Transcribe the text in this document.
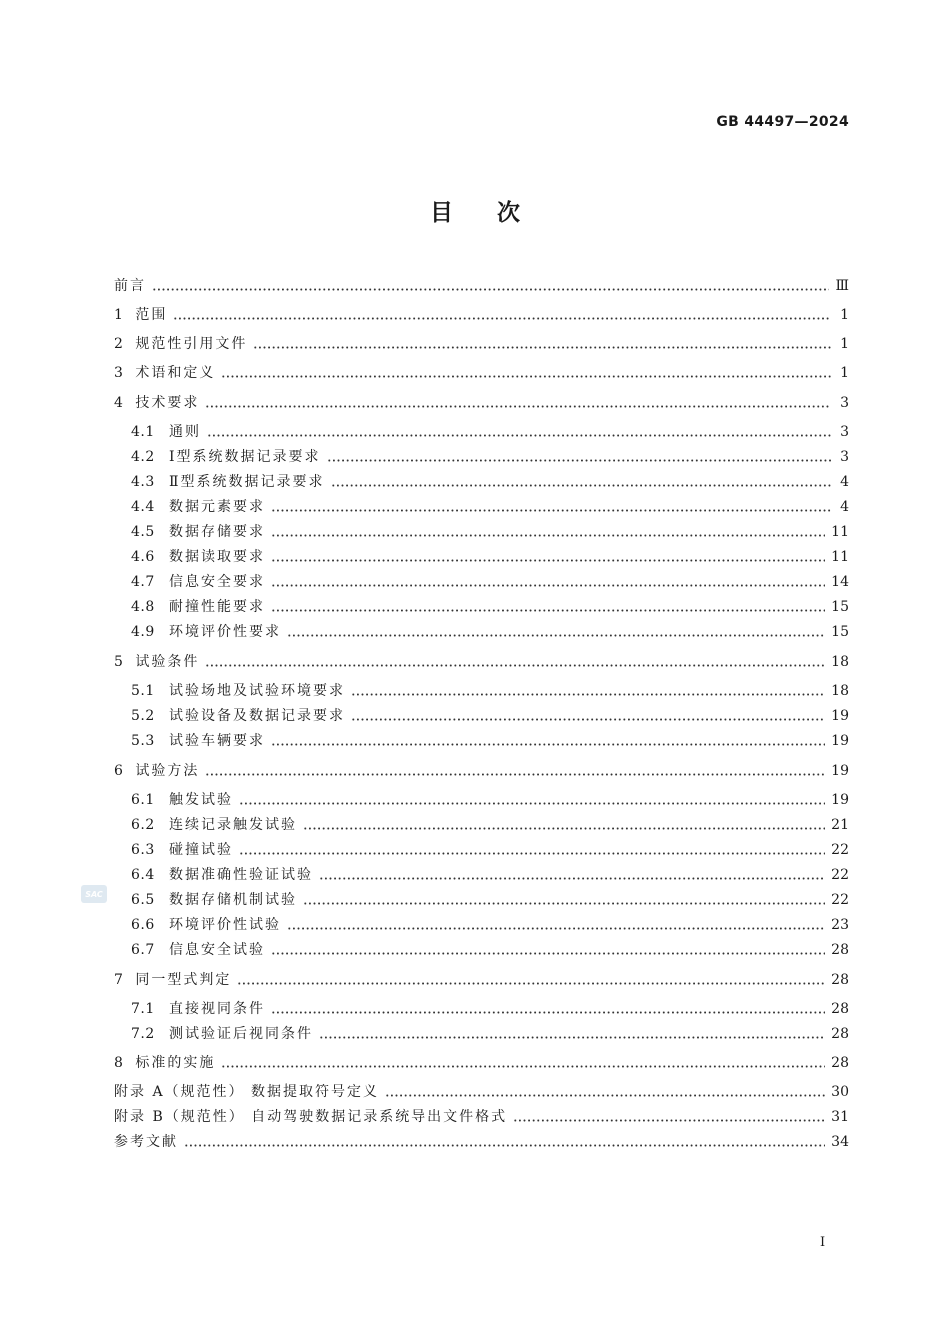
GB 44497—2024
目次
前言	Ⅲ
1 范围	1
2 规范性引用文件	1
3 术语和定义	1
4 技术要求	3
4.1	通则	3
4.2	Ⅰ型系统数据记录要求	3
4.3	Ⅱ型系统数据记录要求	4
4.4	数据元素要求	4
4.5	数据存储要求	11
4.6	数据读取要求	11
4.7	信息安全要求	14
4.8	耐撞性能要求	15
4.9	环境评价性要求	15
5 试验条件	18
5.1	试验场地及试验环境要求	18
5.2	试验设备及数据记录要求	19
5.3	试验车辆要求	19
6 试验方法	19
6.1	触发试验	19
6.2	连续记录触发试验	21
6.3	碰撞试验	22
6.4	数据准确性验证试验	22
6.5	数据存储机制试验	22
6.6	环境评价性试验	23
6.7	信息安全试验	28
7 同一型式判定	28
7.1	直接视同条件	28
7.2	测试验证后视同条件	28
8 标准的实施	28
附录 A（规范性） 数据提取符号定义	30
附录 B（规范性） 自动驾驶数据记录系统导出文件格式	31
参考文献	34
SAC
I
